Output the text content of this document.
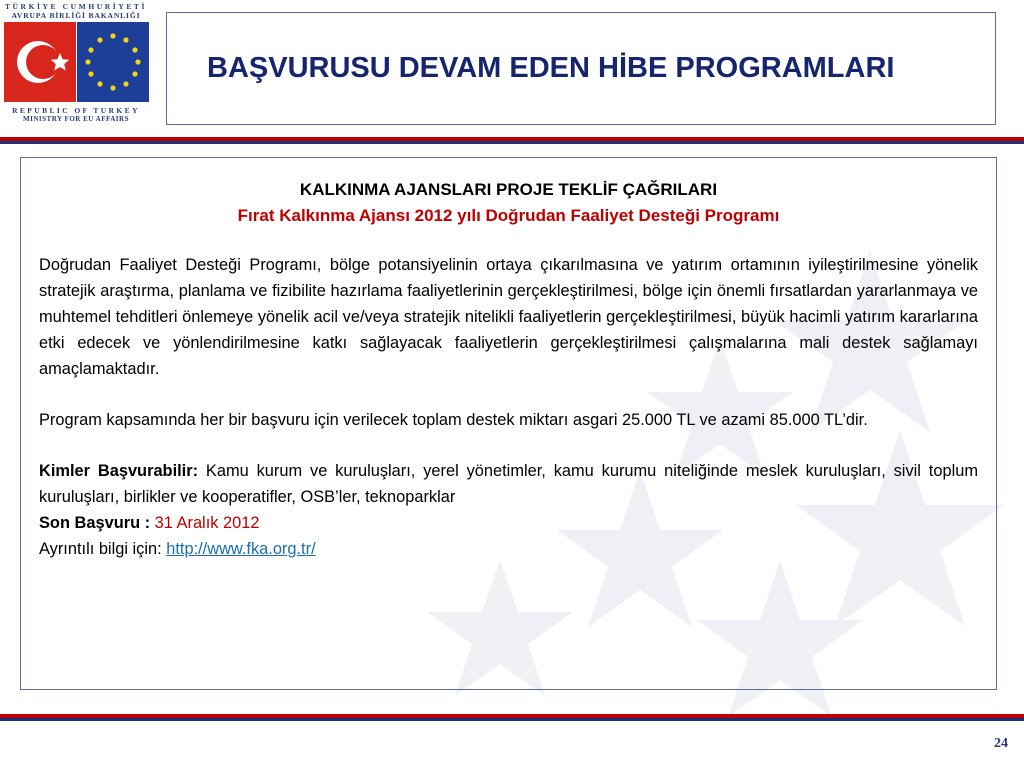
TÜRKİYE CUMHURİYETİ
AVRUPA BİRLİĞİ BAKANLIĞI
REPUBLIC OF TURKEY
MINISTRY FOR EU AFFAIRS
BAŞVURUSU DEVAM EDEN HİBE PROGRAMLARI

KALKINMA AJANSLARI PROJE TEKLİF ÇAĞRILARI

Fırat Kalkınma Ajansı 2012 yılı Doğrudan Faaliyet Desteği Programı

Doğrudan Faaliyet Desteği Programı, bölge potansiyelinin ortaya çıkarılmasına ve yatırım ortamının iyileştirilmesine yönelik stratejik araştırma, planlama ve fizibilite hazırlama faaliyetlerinin gerçekleştirilmesi, bölge için önemli fırsatlardan yararlanmaya ve muhtemel tehditleri önlemeye yönelik acil ve/veya stratejik nitelikli faaliyetlerin gerçekleştirilmesi, büyük hacimli yatırım kararlarına etki edecek ve yönlendirilmesine katkı sağlayacak faaliyetlerin gerçekleştirilmesi çalışmalarına mali destek sağlamayı amaçlamaktadır.

Program kapsamında her bir başvuru için verilecek toplam destek miktarı asgari 25.000 TL ve azami 85.000 TL’dir.

Kimler Başvurabilir: Kamu kurum ve kuruluşları, yerel yönetimler, kamu kurumu niteliğinde meslek kuruluşları, sivil toplum kuruluşları, birlikler ve kooperatifler, OSB’ler, teknoparklar

Son Başvuru : 31 Aralık 2012

Ayrıntılı bilgi için: http://www.fka.org.tr/

24
